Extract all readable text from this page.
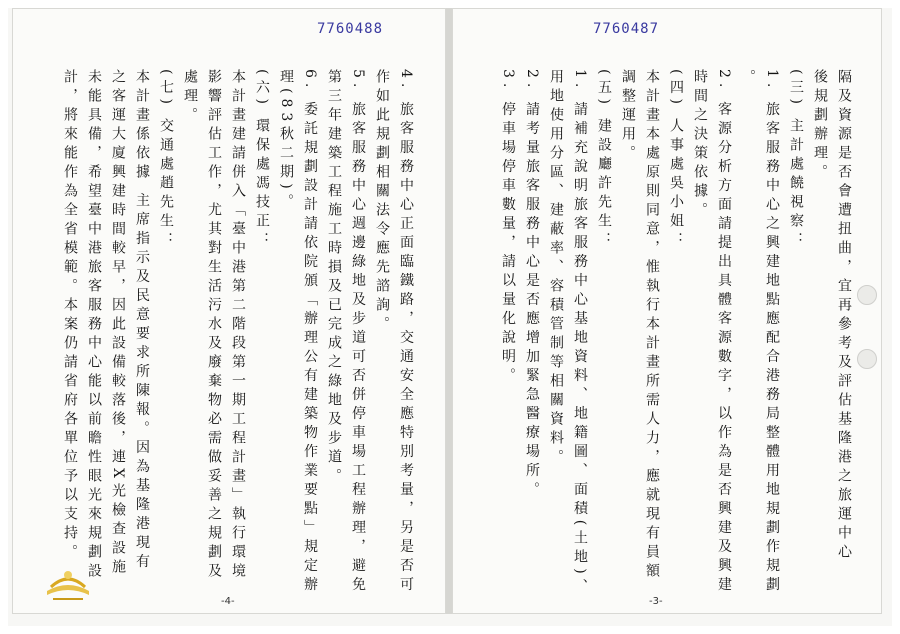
7760488
4. 旅客服務中心正面臨鐵路，交通安全應特別考量，另是否可
作如此規劃相關法令應先諮詢。
5. 旅客服務中心週邊綠地及步道可否併停車場工程辦理，避免
第三年建築工程施工時損及已完成之綠地及步道。
6. 委託規劃設計請依院頒「辦理公有建築物作業要點」規定辦
理(83秋二期)。
(六) 環保處馮技正：
本計畫建請併入「臺中港第二階段第一期工程計畫」執行環境
影響評估工作，尤其對生活污水及廢棄物必需做妥善之規劃及
處理。
(七) 交通處趙先生：
本計畫係依據 主席指示及民意要求所陳報。因為基隆港現有
之客運大廈興建時間較早，因此設備較落後，連X光檢查設施
未能具備，希望臺中港旅客服務中心能以前瞻性眼光來規劃設
計，將來能作為全省模範。本案仍請省府各單位予以支持。
-4-
7760487
隔及資源是否會遭扭曲，宜再參考及評估基隆港之旅運中心
後規劃辦理。
(三) 主計處饒視察：
1. 旅客服務中心之興建地點應配合港務局整體用地規劃作規劃
。
2. 客源分析方面請提出具體客源數字，以作為是否興建及興建
時間之決策依據。
(四) 人事處吳小姐：
本計畫本處原則同意，惟執行本計畫所需人力，應就現有員額
調整運用。
(五) 建設廳許先生：
1. 請補充說明旅客服務中心基地資料、地籍圖、面積(土地)、
用地使用分區、建蔽率、容積管制等相關資料。
2. 請考量旅客服務中心是否應增加緊急醫療場所。
3. 停車場停車數量，請以量化說明。
-3-
